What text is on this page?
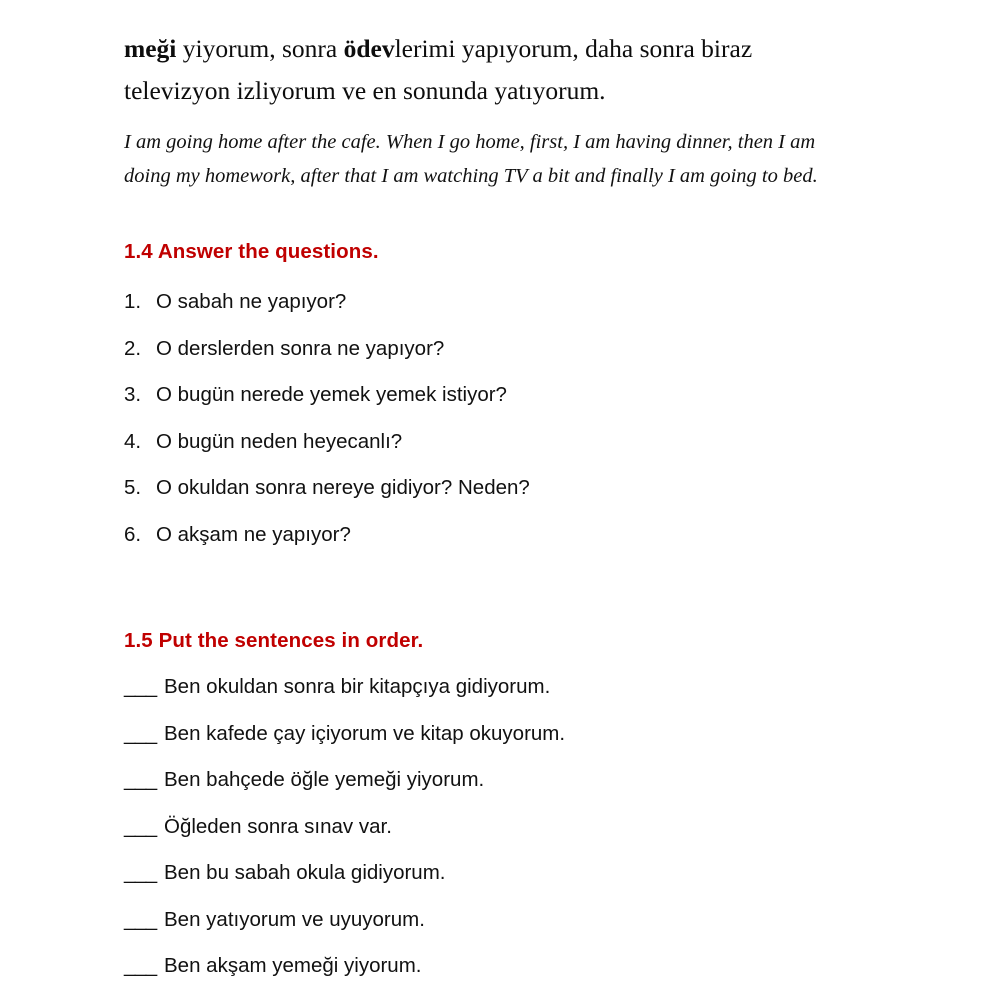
meği yiyorum, sonra ödevlerimi yapıyorum, daha sonra biraz televizyon izliyorum ve en sonunda yatıyorum.

I am going home after the cafe. When I go home, first, I am having dinner, then I am doing my homework, after that I am watching TV a bit and finally I am going to bed.

1.4 Answer the questions.
1. O sabah ne yapıyor?
2. O derslerden sonra ne yapıyor?
3. O bugün nerede yemek yemek istiyor?
4. O bugün neden heyecanlı?
5. O okuldan sonra nereye gidiyor? Neden?
6. O akşam ne yapıyor?
1.5 Put the sentences in order.
___ Ben okuldan sonra bir kitapçıya gidiyorum.
___ Ben kafede çay içiyorum ve kitap okuyorum.
___ Ben bahçede öğle yemeği yiyorum.
___ Öğleden sonra sınav var.
___ Ben bu sabah okula gidiyorum.
___ Ben yatıyorum ve uyuyorum.
___ Ben akşam yemeği yiyorum.
